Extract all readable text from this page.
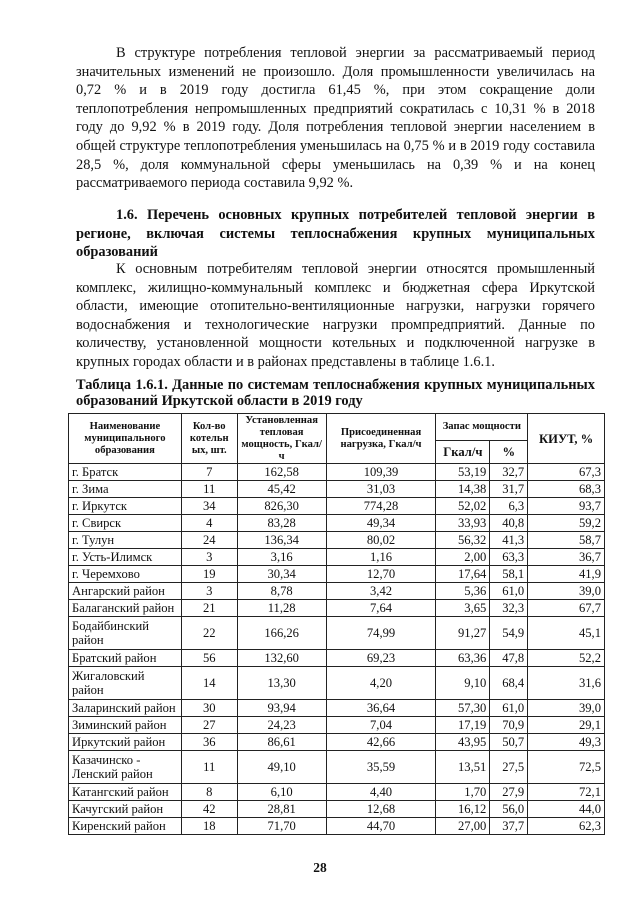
В структуре потребления тепловой энергии за рассматриваемый период значительных изменений не произошло. Доля промышленности увеличилась на 0,72 % и в 2019 году достигла 61,45 %, при этом сокращение доли теплопотребления непромышленных предприятий сократилась с 10,31 % в 2018 году до 9,92 % в 2019 году. Доля потребления тепловой энергии населением в общей структуре теплопотребления уменьшилась на 0,75 % и в 2019 году составила 28,5 %, доля коммунальной сферы уменьшилась на 0,39 % и на конец рассматриваемого периода составила 9,92 %.

1.6. Перечень основных крупных потребителей тепловой энергии в регионе, включая системы теплоснабжения крупных муниципальных образований

К основным потребителям тепловой энергии относятся промышленный комплекс, жилищно-коммунальный комплекс и бюджетная сфера Иркутской области, имеющие отопительно-вентиляционные нагрузки, нагрузки горячего водоснабжения и технологические нагрузки промпредприятий. Данные по количеству, установленной мощности котельных и подключенной нагрузке в крупных городах области и в районах представлены в таблице 1.6.1.

Таблица 1.6.1. Данные по системам теплоснабжения крупных муниципальных образований Иркутской области в 2019 году

Наименование муниципального образования	Кол-во котельн ых, шт.	Установленная тепловая мощность, Гкал/ч	Присоединенная нагрузка, Гкал/ч	Запас мощности		КИУТ, %
				Гкал/ч	%	
г. Братск	7	162,58	109,39	53,19	32,7	67,3
г. Зима	11	45,42	31,03	14,38	31,7	68,3
г. Иркутск	34	826,30	774,28	52,02	6,3	93,7
г. Свирск	4	83,28	49,34	33,93	40,8	59,2
г. Тулун	24	136,34	80,02	56,32	41,3	58,7
г. Усть-Илимск	3	3,16	1,16	2,00	63,3	36,7
г. Черемхово	19	30,34	12,70	17,64	58,1	41,9
Ангарский район	3	8,78	3,42	5,36	61,0	39,0
Балаганский район	21	11,28	7,64	3,65	32,3	67,7
Бодайбинский район	22	166,26	74,99	91,27	54,9	45,1
Братский район	56	132,60	69,23	63,36	47,8	52,2
Жигаловский район	14	13,30	4,20	9,10	68,4	31,6
Заларинский район	30	93,94	36,64	57,30	61,0	39,0
Зиминский район	27	24,23	7,04	17,19	70,9	29,1
Иркутский район	36	86,61	42,66	43,95	50,7	49,3
Казачинско - Ленский район	11	49,10	35,59	13,51	27,5	72,5
Катангский район	8	6,10	4,40	1,70	27,9	72,1
Качугский район	42	28,81	12,68	16,12	56,0	44,0
Киренский район	18	71,70	44,70	27,00	37,7	62,3
28
